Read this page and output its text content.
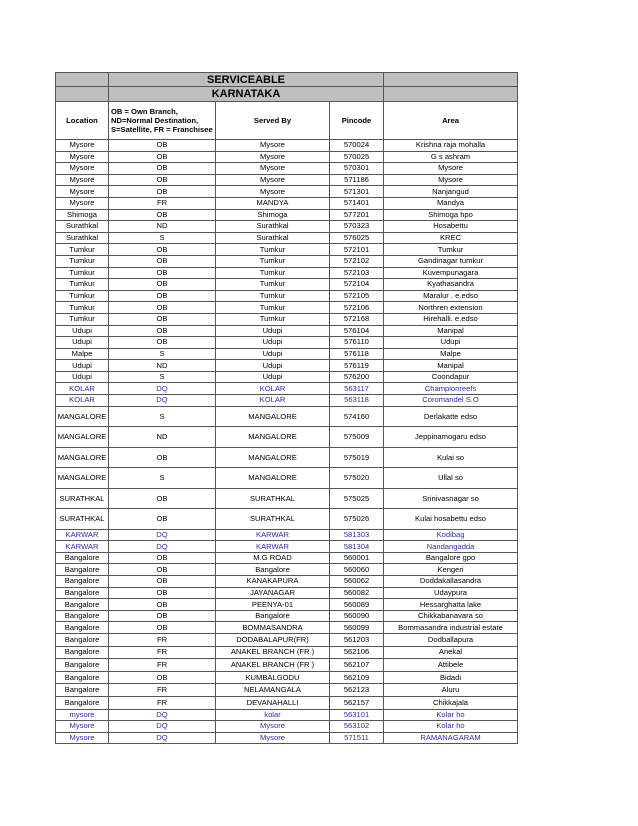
	SERVICEABLE			
	KARNATAKA			
Location	OB = Own Branch, ND=Normal Destination, S=Satellite, FR = Franchisee	Served By	Pincode	Area
Mysore	OB	Mysore	570024	Krishna raja mohalla
Mysore	OB	Mysore	570025	G s ashram
Mysore	OB	Mysore	570301	Mysore
Mysore	OB	Mysore	571186	Mysore
Mysore	OB	Mysore	571301	Nanjangud
Mysore	FR	MANDYA	571401	Mandya
Shimoga	OB	Shimoga	577201	Shimoga hpo
Surathkal	ND	Surathkal	570323	Hosabettu
Surathkal	S	Surathkal	576025	KREC
Tumkur	OB	Tumkur	572101	Tumkur
Tumkur	OB	Tumkur	572102	Gandinagar tumkur
Tumkur	OB	Tumkur	572103	Kuvempunagara
Tumkur	OB	Tumkur	572104	Kyathasandra
Tumkur	OB	Tumkur	572105	Maralur . e.edso
Tumkur	OB	Tumkur	572106	Northren extension
Tumkur	OB	Tumkur	572168	Hirehalli. e.edso
Udupi	OB	Udupi	576104	Manipal
Udupi	OB	Udupi	576110	Udupi
Malpe	S	Udupi	576118	Malpe
Udupi	ND	Udupi	576119	Manipal
Udupi	S	Udupi	576200	Coondapur
KOLAR	DQ	KOLAR	563117	Championreefs
KOLAR	DQ	KOLAR	563118	Coromandel S.O
MANGALORE	S	MANGALORE	574160	Derlakatte edso
MANGALORE	ND	MANGALORE	575009	Jeppinamogaru edso
MANGALORE	OB	MANGALORE	575019	Kulai so
MANGALORE	S	MANGALORE	575020	Ullal so
SURATHKAL	OB	SURATHKAL	575025	Srinivasnagar so
SURATHKAL	OB	SURATHKAL	575026	Kulai hosabettu edso
KARWAR	DQ	KARWAR	581303	Kodibag
KARWAR	DQ	KARWAR	581304	Nandangadda
Bangalore	OB	M.G ROAD	560001	Bangalore gpo
Bangalore	OB	Bangalore	560060	Kengeri
Bangalore	OB	KANAKAPURA	560062	Doddakallasandra
Bangalore	OB	JAYANAGAR	560082	Udaypura
Bangalore	OB	PEENYA-01	560089	Hessarghatta lake
Bangalore	OB	Bangalore	560090	Chikkabanavara so
Bangalore	OB	BOMMASANDRA	560099	Bommasandra industrial estate
Bangalore	FR	DODABALAPUR(FR)	561203	Dodballapura
Bangalore	FR	ANAKEL BRANCH (FR )	562106	Anekal
Bangalore	FR	ANAKEL BRANCH (FR )	562107	Attibele
Bangalore	OB	KUMBALGODU	562109	Bidadi
Bangalore	FR	NELAMANGALA	562123	Aluru
Bangalore	FR	DEVANAHALLI	562157	Chikkajala
mysore	DQ	kolar	563101	Kolar ho
Mysore	DQ	Mysore	563102	Kolar ho
Mysore	DQ	Mysore	571511	RAMANAGARAM
